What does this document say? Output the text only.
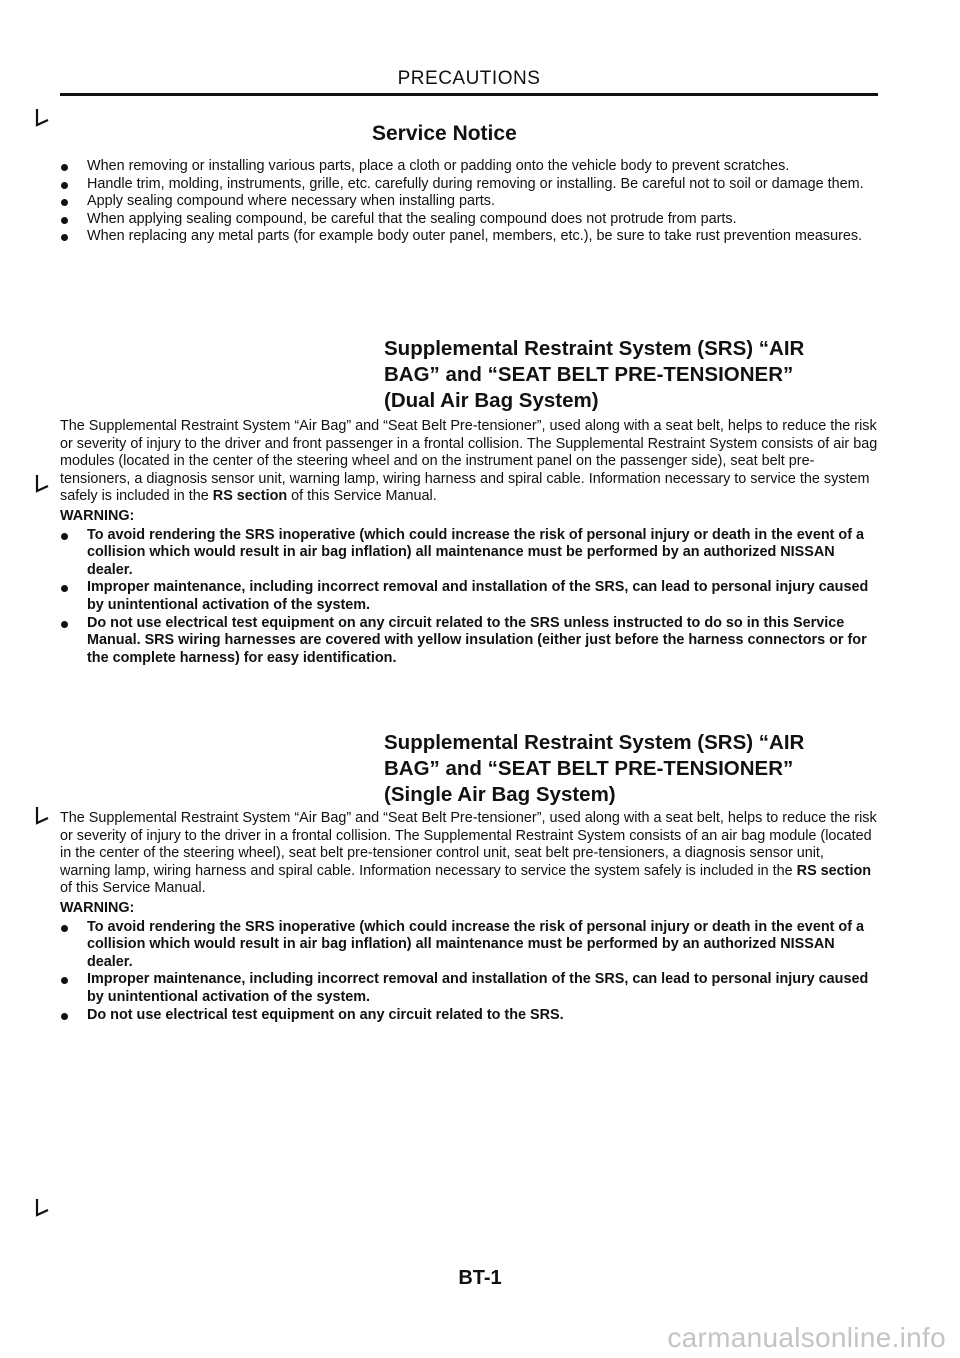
PRECAUTIONS
Service Notice
When removing or installing various parts, place a cloth or padding onto the vehicle body to prevent scratches.
Handle trim, molding, instruments, grille, etc. carefully during removing or installing. Be careful not to soil or damage them.
Apply sealing compound where necessary when installing parts.
When applying sealing compound, be careful that the sealing compound does not protrude from parts.
When replacing any metal parts (for example body outer panel, members, etc.), be sure to take rust prevention measures.
Supplemental Restraint System (SRS) “AIR
BAG” and “SEAT BELT PRE-TENSIONER”
(Dual Air Bag System)

The Supplemental Restraint System “Air Bag” and “Seat Belt Pre-tensioner”, used along with a seat belt, helps to reduce the risk or severity of injury to the driver and front passenger in a frontal collision. The Supplemental Restraint System consists of air bag modules (located in the center of the steering wheel and on the instrument panel on the passenger side), seat belt pre-tensioners, a diagnosis sensor unit, warning lamp, wiring harness and spiral cable. Information necessary to service the system safely is included in the RS section of this Service Manual.

WARNING:
To avoid rendering the SRS inoperative (which could increase the risk of personal injury or death in the event of a collision which would result in air bag inflation) all maintenance must be performed by an authorized NISSAN dealer.
Improper maintenance, including incorrect removal and installation of the SRS, can lead to personal injury caused by unintentional activation of the system.
Do not use electrical test equipment on any circuit related to the SRS unless instructed to do so in this Service Manual. SRS wiring harnesses are covered with yellow insulation (either just before the harness connectors or for the complete harness) for easy identification.
Supplemental Restraint System (SRS) “AIR
BAG” and “SEAT BELT PRE-TENSIONER”
(Single Air Bag System)

The Supplemental Restraint System “Air Bag” and “Seat Belt Pre-tensioner”, used along with a seat belt, helps to reduce the risk or severity of injury to the driver in a frontal collision. The Supplemental Restraint System consists of an air bag module (located in the center of the steering wheel), seat belt pre-tensioner control unit, seat belt pre-tensioners, a diagnosis sensor unit, warning lamp, wiring harness and spiral cable. Information necessary to service the system safely is included in the RS section of this Service Manual.

WARNING:
To avoid rendering the SRS inoperative (which could increase the risk of personal injury or death in the event of a collision which would result in air bag inflation) all maintenance must be performed by an authorized NISSAN dealer.
Improper maintenance, including incorrect removal and installation of the SRS, can lead to personal injury caused by unintentional activation of the system.
Do not use electrical test equipment on any circuit related to the SRS.
BT-1
carmanualsonline.info
